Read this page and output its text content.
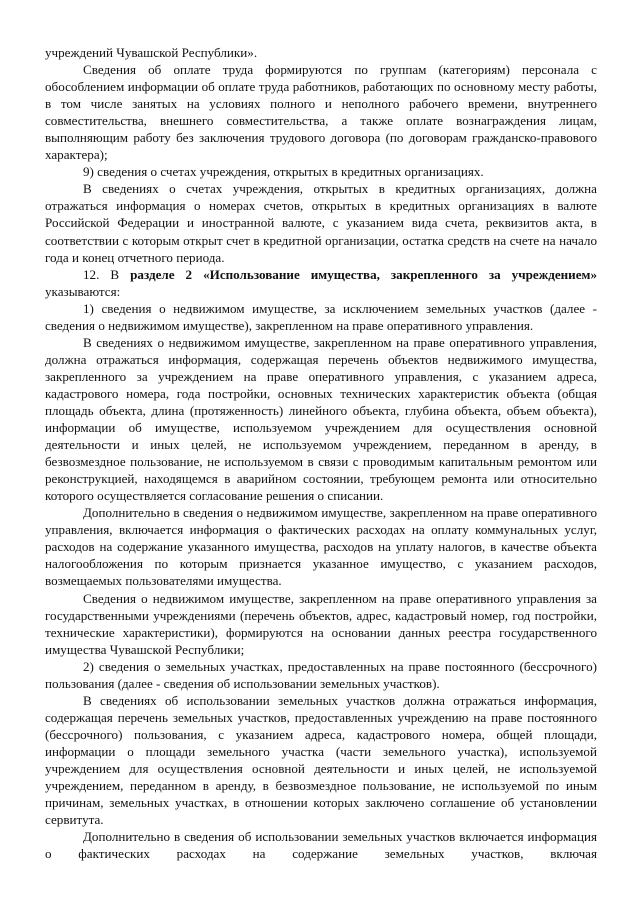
учреждений Чувашской Республики».

Сведения об оплате труда формируются по группам (категориям) персонала с обособлением информации об оплате труда работников, работающих по основному месту работы, в том числе занятых на условиях полного и неполного рабочего времени, внутреннего совместительства, внешнего совместительства, а также оплате вознаграждения лицам, выполняющим работу без заключения трудового договора (по договорам гражданско-правового характера);

9) сведения о счетах учреждения, открытых в кредитных организациях.

В сведениях о счетах учреждения, открытых в кредитных организациях, должна отражаться информация о номерах счетов, открытых в кредитных организациях в валюте Российской Федерации и иностранной валюте, с указанием вида счета, реквизитов акта, в соответствии с которым открыт счет в кредитной организации, остатка средств на счете на начало года и конец отчетного периода.

12. В разделе 2 «Использование имущества, закрепленного за учреждением» указываются:

1) сведения о недвижимом имуществе, за исключением земельных участков (далее - сведения о недвижимом имуществе), закрепленном на праве оперативного управления.

В сведениях о недвижимом имуществе, закрепленном на праве оперативного управления, должна отражаться информация, содержащая перечень объектов недвижимого имущества, закрепленного за учреждением на праве оперативного управления, с указанием адреса, кадастрового номера, года постройки, основных технических характеристик объекта (общая площадь объекта, длина (протяженность) линейного объекта, глубина объекта, объем объекта), информации об имуществе, используемом учреждением для осуществления основной деятельности и иных целей, не используемом учреждением, переданном в аренду, в безвозмездное пользование, не используемом в связи с проводимым капитальным ремонтом или реконструкцией, находящемся в аварийном состоянии, требующем ремонта или относительно которого осуществляется согласование решения о списании.

Дополнительно в сведения о недвижимом имуществе, закрепленном на праве оперативного управления, включается информация о фактических расходах на оплату коммунальных услуг, расходов на содержание указанного имущества, расходов на уплату налогов, в качестве объекта налогообложения по которым признается указанное имущество, с указанием расходов, возмещаемых пользователями имущества.

Сведения о недвижимом имуществе, закрепленном на праве оперативного управления за государственными учреждениями (перечень объектов, адрес, кадастровый номер, год постройки, технические характеристики), формируются на основании данных реестра государственного имущества Чувашской Республики;

2) сведения о земельных участках, предоставленных на праве постоянного (бессрочного) пользования (далее - сведения об использовании земельных участков).

В сведениях об использовании земельных участков должна отражаться информация, содержащая перечень земельных участков, предоставленных учреждению на праве постоянного (бессрочного) пользования, с указанием адреса, кадастрового номера, общей площади, информации о площади земельного участка (части земельного участка), используемой учреждением для осуществления основной деятельности и иных целей, не используемой учреждением, переданном в аренду, в безвозмездное пользование, не используемой по иным причинам, земельных участках, в отношении которых заключено соглашение об установлении сервитута.

Дополнительно в сведения об использовании земельных участков включается информация о фактических расходах на содержание земельных участков, включая
